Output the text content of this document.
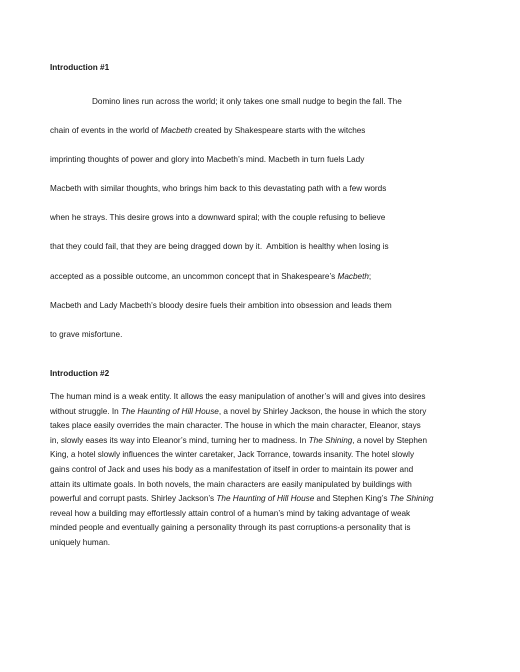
Introduction #1
Domino lines run across the world; it only takes one small nudge to begin the fall. The
chain of events in the world of Macbeth created by Shakespeare starts with the witches
imprinting thoughts of power and glory into Macbeth’s mind. Macbeth in turn fuels Lady
Macbeth with similar thoughts, who brings him back to this devastating path with a few words
when he strays. This desire grows into a downward spiral; with the couple refusing to believe
that they could fail, that they are being dragged down by it.  Ambition is healthy when losing is
accepted as a possible outcome, an uncommon concept that in Shakespeare’s Macbeth;
Macbeth and Lady Macbeth’s bloody desire fuels their ambition into obsession and leads them
to grave misfortune.
Introduction #2
The human mind is a weak entity. It allows the easy manipulation of another’s will and gives into desires
without struggle. In The Haunting of Hill House, a novel by Shirley Jackson, the house in which the story
takes place easily overrides the main character. The house in which the main character, Eleanor, stays
in, slowly eases its way into Eleanor’s mind, turning her to madness. In The Shining, a novel by Stephen
King, a hotel slowly influences the winter caretaker, Jack Torrance, towards insanity. The hotel slowly
gains control of Jack and uses his body as a manifestation of itself in order to maintain its power and
attain its ultimate goals. In both novels, the main characters are easily manipulated by buildings with
powerful and corrupt pasts. Shirley Jackson’s The Haunting of Hill House and Stephen King’s The Shining
reveal how a building may effortlessly attain control of a human’s mind by taking advantage of weak
minded people and eventually gaining a personality through its past corruptions-a personality that is
uniquely human.
